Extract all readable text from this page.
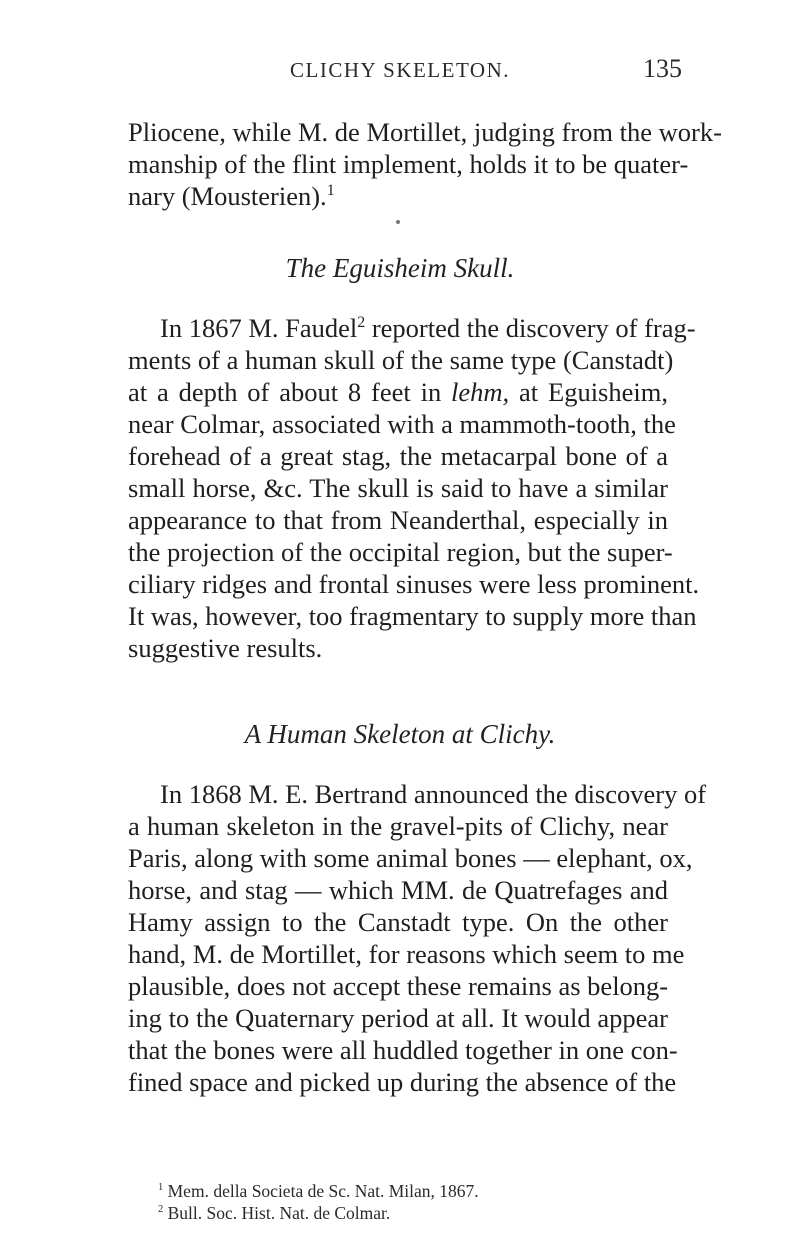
CLICHY SKELETON.	135
Pliocene, while M. de Mortillet, judging from the work-
manship of the flint implement, holds it to be quater-
nary (Mousterien).$^1$
The Eguisheim Skull.
In 1867 M. Faudel$^2$ reported the discovery of frag-
ments of a human skull of the same type (Canstadt)
at a depth of about 8 feet in lehm, at Eguisheim,
near Colmar, associated with a mammoth-tooth, the
forehead of a great stag, the metacarpal bone of a
small horse, &c. The skull is said to have a similar
appearance to that from Neanderthal, especially in
the projection of the occipital region, but the super-
ciliary ridges and frontal sinuses were less prominent.
It was, however, too fragmentary to supply more than
suggestive results.
A Human Skeleton at Clichy.
In 1868 M. E. Bertrand announced the discovery of
a human skeleton in the gravel-pits of Clichy, near
Paris, along with some animal bones — elephant, ox,
horse, and stag — which MM. de Quatrefages and
Hamy assign to the Canstadt type. On the other
hand, M. de Mortillet, for reasons which seem to me
plausible, does not accept these remains as belong-
ing to the Quaternary period at all. It would appear
that the bones were all huddled together in one con-
fined space and picked up during the absence of the
$^1$ Mem. della Societa de Sc. Nat. Milan, 1867.
$^2$ Bull. Soc. Hist. Nat. de Colmar.
